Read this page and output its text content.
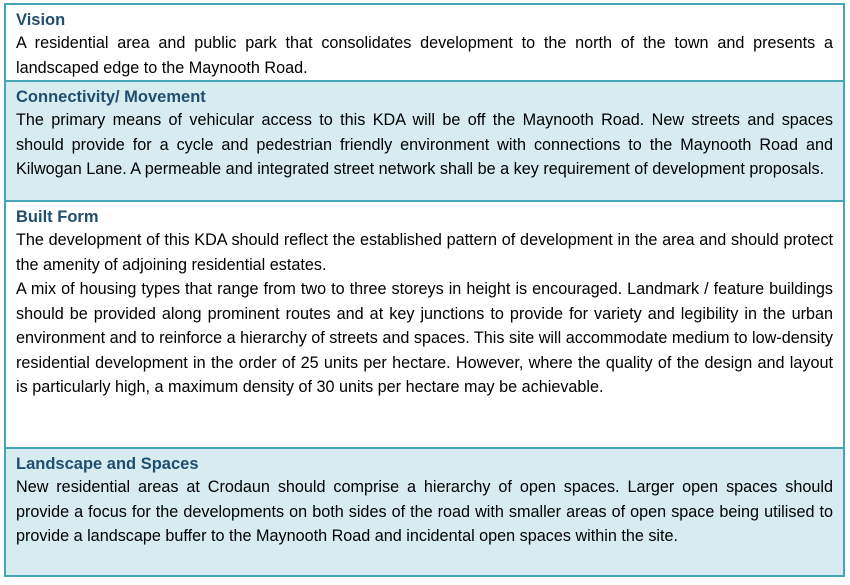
Vision

A residential area and public park that consolidates development to the north of the town and presents a landscaped edge to the Maynooth Road.

Connectivity/ Movement

The primary means of vehicular access to this KDA will be off the Maynooth Road. New streets and spaces should provide for a cycle and pedestrian friendly environment with connections to the Maynooth Road and Kilwogan Lane. A permeable and integrated street network shall be a key requirement of development proposals.

Built Form

The development of this KDA should reflect the established pattern of development in the area and should protect the amenity of adjoining residential estates.

A mix of housing types that range from two to three storeys in height is encouraged. Landmark / feature buildings should be provided along prominent routes and at key junctions to provide for variety and legibility in the urban environment and to reinforce a hierarchy of streets and spaces. This site will accommodate medium to low-density residential development in the order of 25 units per hectare. However, where the quality of the design and layout is particularly high, a maximum density of 30 units per hectare may be achievable.

Landscape and Spaces

New residential areas at Crodaun should comprise a hierarchy of open spaces. Larger open spaces should provide a focus for the developments on both sides of the road with smaller areas of open space being utilised to provide a landscape buffer to the Maynooth Road and incidental open spaces within the site.
